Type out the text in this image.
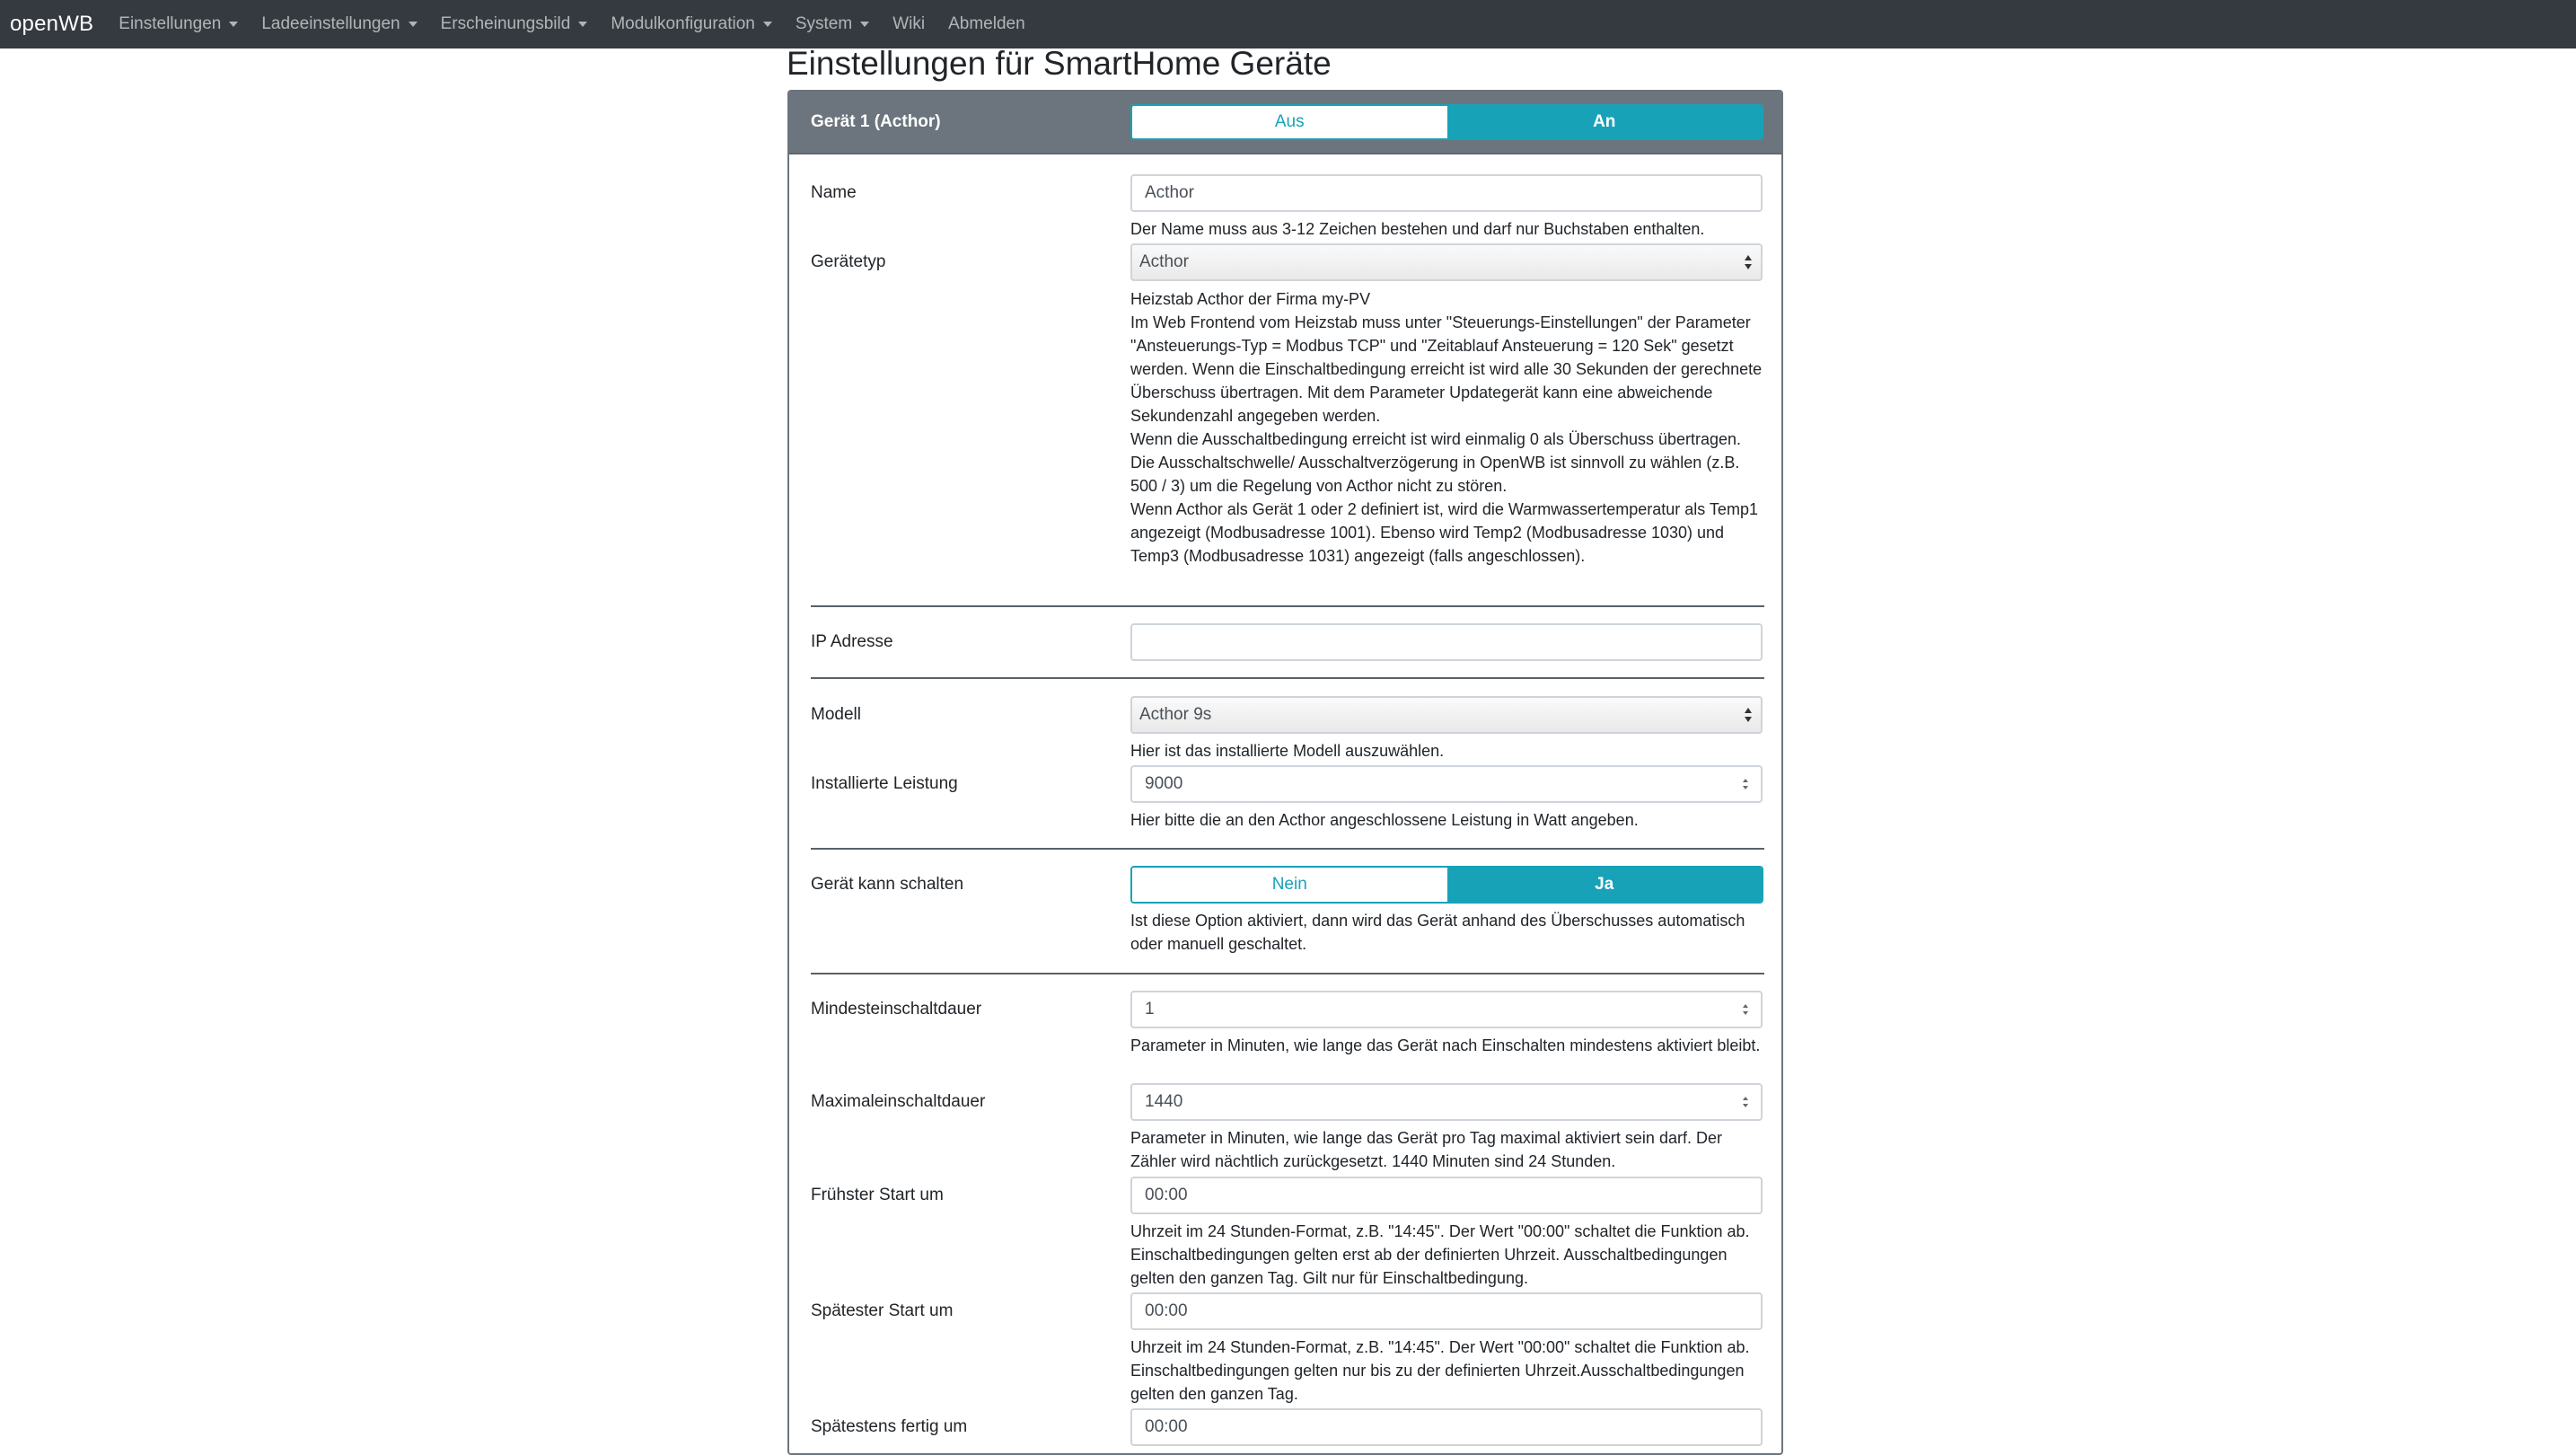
openWB Einstellungen Ladeeinstellungen Erscheinungsbild Modulkonfiguration System Wiki Abmelden
Einstellungen für SmartHome Geräte
Gerät 1 (Acthor)	Aus	An
Name	Acthor

Der Name muss aus 3-12 Zeichen bestehen und darf nur Buchstaben enthalten.

Gerätetyp	Acthor

Heizstab Acthor der Firma my-PV

Im Web Frontend vom Heizstab muss unter "Steuerungs-Einstellungen" der Parameter "Ansteuerungs-Typ = Modbus TCP" und "Zeitablauf Ansteuerung = 120 Sek" gesetzt werden. Wenn die Einschaltbedingung erreicht ist wird alle 30 Sekunden der gerechnete Überschuss übertragen. Mit dem Parameter Updategerät kann eine abweichende Sekundenzahl angegeben werden.

Wenn die Ausschaltbedingung erreicht ist wird einmalig 0 als Überschuss übertragen. Die Ausschaltschwelle/ Ausschaltverzögerung in OpenWB ist sinnvoll zu wählen (z.B. 500 / 3) um die Regelung von Acthor nicht zu stören.

Wenn Acthor als Gerät 1 oder 2 definiert ist, wird die Warmwassertemperatur als Temp1 angezeigt (Modbusadresse 1001). Ebenso wird Temp2 (Modbusadresse 1030) und Temp3 (Modbusadresse 1031) angezeigt (falls angeschlossen).

IP Adresse
Modell	Acthor 9s

Hier ist das installierte Modell auszuwählen.

Installierte Leistung	9000

Hier bitte die an den Acthor angeschlossene Leistung in Watt angeben.

Gerät kann schalten	Nein	Ja

Ist diese Option aktiviert, dann wird das Gerät anhand des Überschusses automatisch oder manuell geschaltet.

Mindesteinschaltdauer	1

Parameter in Minuten, wie lange das Gerät nach Einschalten mindestens aktiviert bleibt.

Maximaleinschaltdauer	1440

Parameter in Minuten, wie lange das Gerät pro Tag maximal aktiviert sein darf. Der Zähler wird nächtlich zurückgesetzt. 1440 Minuten sind 24 Stunden.

Frühster Start um	00:00

Uhrzeit im 24 Stunden-Format, z.B. "14:45". Der Wert "00:00" schaltet die Funktion ab. Einschaltbedingungen gelten erst ab der definierten Uhrzeit. Ausschaltbedingungen gelten den ganzen Tag. Gilt nur für Einschaltbedingung.

Spätester Start um	00:00

Uhrzeit im 24 Stunden-Format, z.B. "14:45". Der Wert "00:00" schaltet die Funktion ab. Einschaltbedingungen gelten nur bis zu der definierten Uhrzeit.Ausschaltbedingungen gelten den ganzen Tag.

Spätestens fertig um	00:00
